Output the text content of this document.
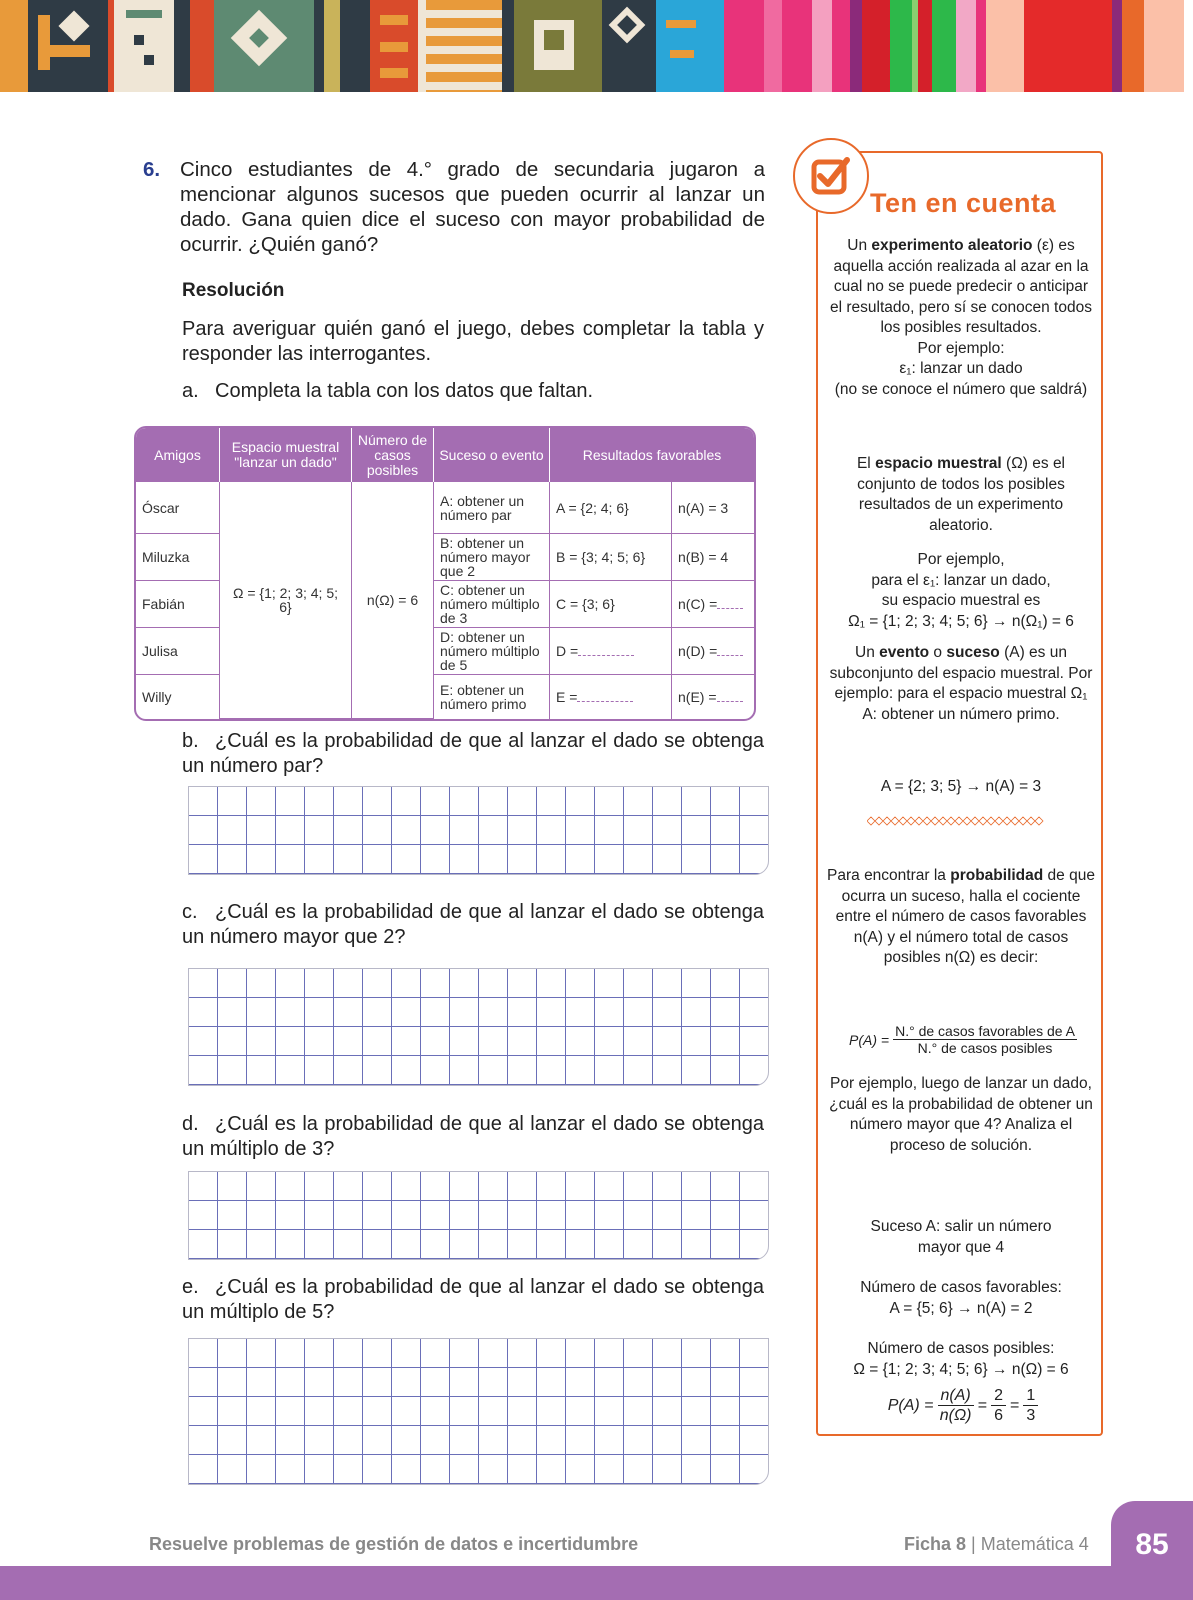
6. Cinco estudiantes de 4.° grado de secundaria jugaron a mencionar algunos sucesos que pueden ocurrir al lanzar un dado. Gana quien dice el suceso con mayor probabilidad de ocurrir. ¿Quién ganó?
Resolución
Para averiguar quién ganó el juego, debes completar la tabla y responder las interrogantes.
a. Completa la tabla con los datos que faltan.
Amigos	Espacio muestral "lanzar un dado"	Número de casos posibles	Suceso o evento	Resultados favorables	
Óscar	Ω = {1; 2; 3; 4; 5; 6}	n(Ω) = 6	A: obtener un número par	A = {2; 4; 6}	n(A) = 3
Miluzka			B: obtener un número mayor que 2	B = {3; 4; 5; 6}	n(B) = 4
Fabián			C: obtener un número múltiplo de 3	C = {3; 6}	n(C) =
Julisa			D: obtener un número múltiplo de 5	D =	n(D) =
Willy			E: obtener un número primo	E =	n(E) =
b. ¿Cuál es la probabilidad de que al lanzar el dado se obtenga un número par?
c. ¿Cuál es la probabilidad de que al lanzar el dado se obtenga un número mayor que 2?
d. ¿Cuál es la probabilidad de que al lanzar el dado se obtenga un múltiplo de 3?
e. ¿Cuál es la probabilidad de que al lanzar el dado se obtenga un múltiplo de 5?
Ten en cuenta
Un experimento aleatorio (ε) es aquella acción realizada al azar en la cual no se puede predecir o anticipar el resultado, pero sí se conocen todos los posibles resultados.
Por ejemplo:
ε₁: lanzar un dado
(no se conoce el número que saldrá)
El espacio muestral (Ω) es el conjunto de todos los posibles resultados de un experimento aleatorio.
Por ejemplo,
para el ε₁: lanzar un dado,
su espacio muestral es
Ω₁ = {1; 2; 3; 4; 5; 6} → n(Ω₁) = 6
Un evento o suceso (A) es un subconjunto del espacio muestral. Por ejemplo: para el espacio muestral Ω₁ A: obtener un número primo.
A = {2; 3; 5} → n(A) = 3
Para encontrar la probabilidad de que ocurra un suceso, halla el cociente entre el número de casos favorables n(A) y el número total de casos posibles n(Ω) es decir:
P(A) =
N.° de casos favorables de A
N.° de casos posibles
Por ejemplo, luego de lanzar un dado, ¿cuál es la probabilidad de obtener un número mayor que 4? Analiza el proceso de solución.
Suceso A: salir un número mayor que 4
Número de casos favorables:
A = {5; 6} → n(A) = 2
Número de casos posibles:
Ω = {1; 2; 3; 4; 5; 6} → n(Ω) = 6
$P(A) = \frac{n(A)}{n(\Omega)} = \frac{2}{6} = \frac{1}{3}$
Resuelve problemas de gestión de datos e incertidumbre	Ficha 8 | Matemática 4	85
